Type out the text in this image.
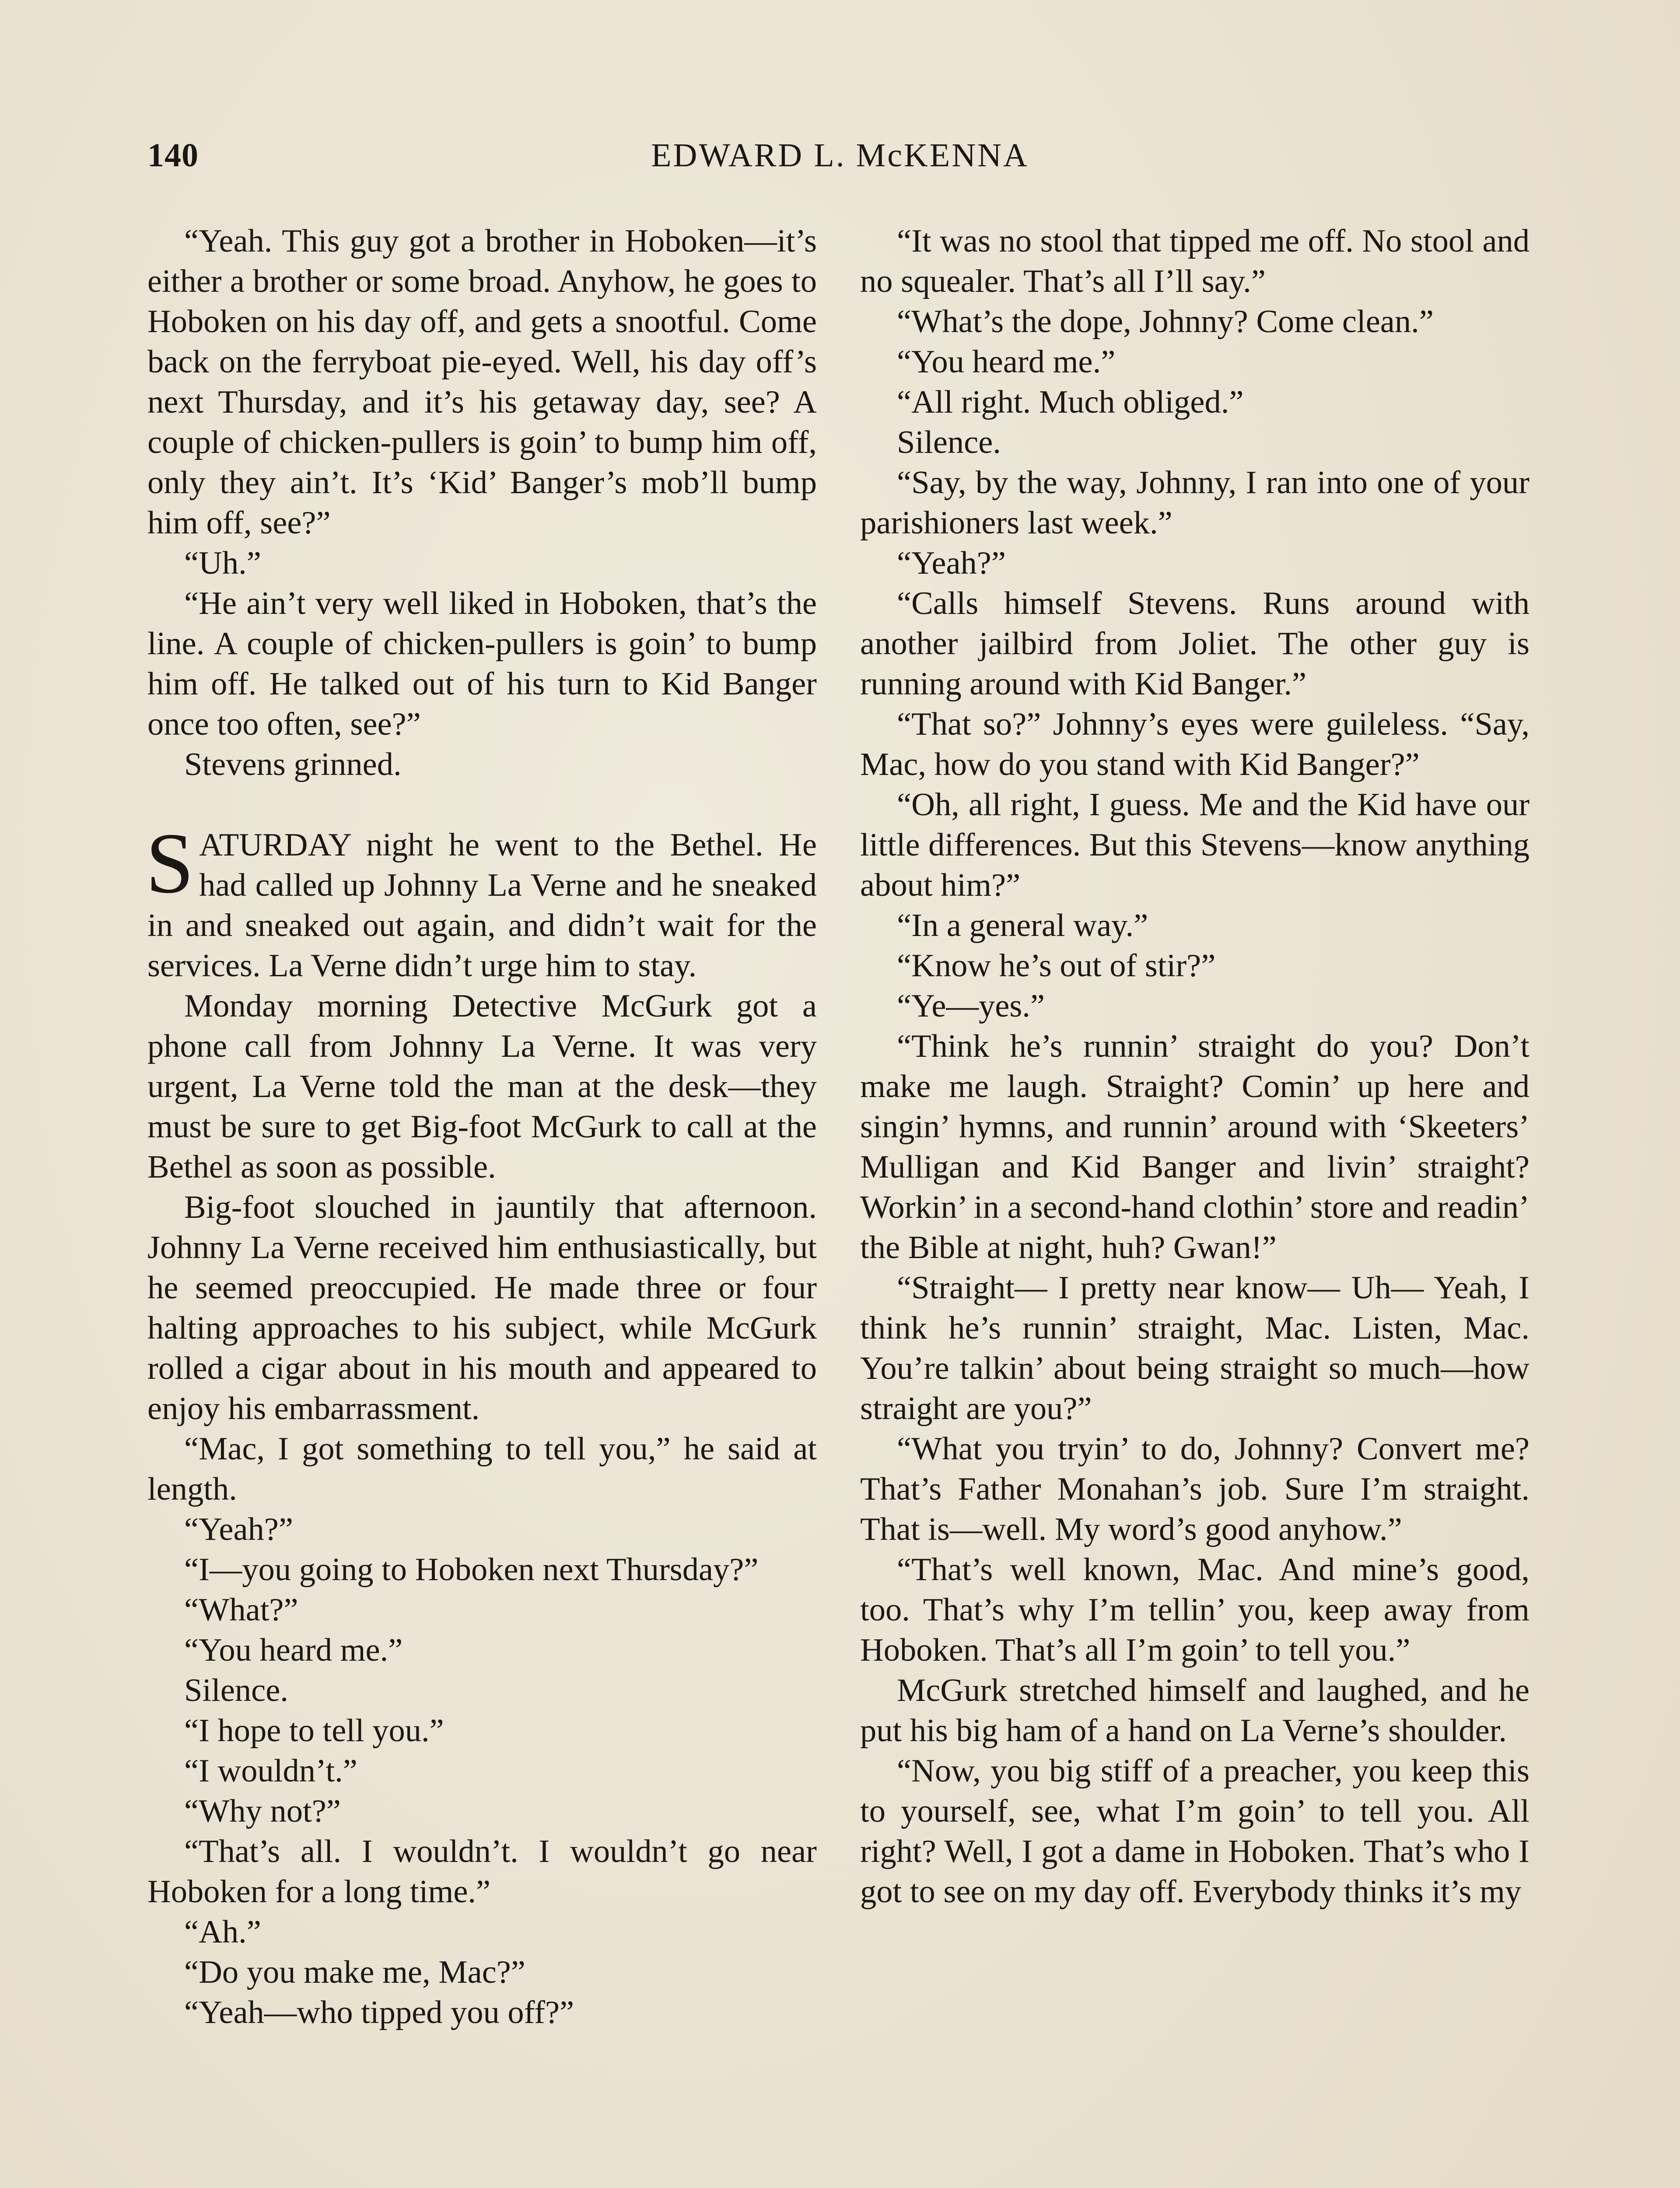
140	EDWARD L. McKENNA

“Yeah. This guy got a brother in Hoboken—it’s either a brother or some broad. Anyhow, he goes to Hoboken on his day off, and gets a snootful. Come back on the ferryboat pie-eyed. Well, his day off’s next Thursday, and it’s his getaway day, see? A couple of chicken-pullers is goin’ to bump him off, only they ain’t. It’s ‘Kid’ Banger’s mob’ll bump him off, see?”

“Uh.”

“He ain’t very well liked in Hoboken, that’s the line. A couple of chicken-pullers is goin’ to bump him off. He talked out of his turn to Kid Banger once too often, see?”

Stevens grinned.

SATURDAY night he went to the Bethel. He had called up Johnny La Verne and he sneaked in and sneaked out again, and didn’t wait for the services. La Verne didn’t urge him to stay.

Monday morning Detective McGurk got a phone call from Johnny La Verne. It was very urgent, La Verne told the man at the desk—they must be sure to get Big-foot McGurk to call at the Bethel as soon as possible.

Big-foot slouched in jauntily that afternoon. Johnny La Verne received him enthusiastically, but he seemed preoccupied. He made three or four halting approaches to his subject, while McGurk rolled a cigar about in his mouth and appeared to enjoy his embarrassment.

“Mac, I got something to tell you,” he said at length.

“Yeah?”

“I—you going to Hoboken next Thursday?”

“What?”

“You heard me.”

Silence.

“I hope to tell you.”

“I wouldn’t.”

“Why not?”

“That’s all. I wouldn’t. I wouldn’t go near Hoboken for a long time.”

“Ah.”

“Do you make me, Mac?”

“Yeah—who tipped you off?”

“It was no stool that tipped me off. No stool and no squealer. That’s all I’ll say.”

“What’s the dope, Johnny? Come clean.”

“You heard me.”

“All right. Much obliged.”

Silence.

“Say, by the way, Johnny, I ran into one of your parishioners last week.”

“Yeah?”

“Calls himself Stevens. Runs around with another jailbird from Joliet. The other guy is running around with Kid Banger.”

“That so?” Johnny’s eyes were guileless. “Say, Mac, how do you stand with Kid Banger?”

“Oh, all right, I guess. Me and the Kid have our little differences. But this Stevens—know anything about him?”

“In a general way.”

“Know he’s out of stir?”

“Ye—yes.”

“Think he’s runnin’ straight do you? Don’t make me laugh. Straight? Comin’ up here and singin’ hymns, and runnin’ around with ‘Skeeters’ Mulligan and Kid Banger and livin’ straight? Workin’ in a second-hand clothin’ store and readin’ the Bible at night, huh? Gwan!”

“Straight— I pretty near know— Uh— Yeah, I think he’s runnin’ straight, Mac. Listen, Mac. You’re talkin’ about being straight so much—how straight are you?”

“What you tryin’ to do, Johnny? Convert me? That’s Father Monahan’s job. Sure I’m straight. That is—well. My word’s good anyhow.”

“That’s well known, Mac. And mine’s good, too. That’s why I’m tellin’ you, keep away from Hoboken. That’s all I’m goin’ to tell you.”

McGurk stretched himself and laughed, and he put his big ham of a hand on La Verne’s shoulder.

“Now, you big stiff of a preacher, you keep this to yourself, see, what I’m goin’ to tell you. All right? Well, I got a dame in Hoboken. That’s who I got to see on my day off. Everybody thinks it’s my
